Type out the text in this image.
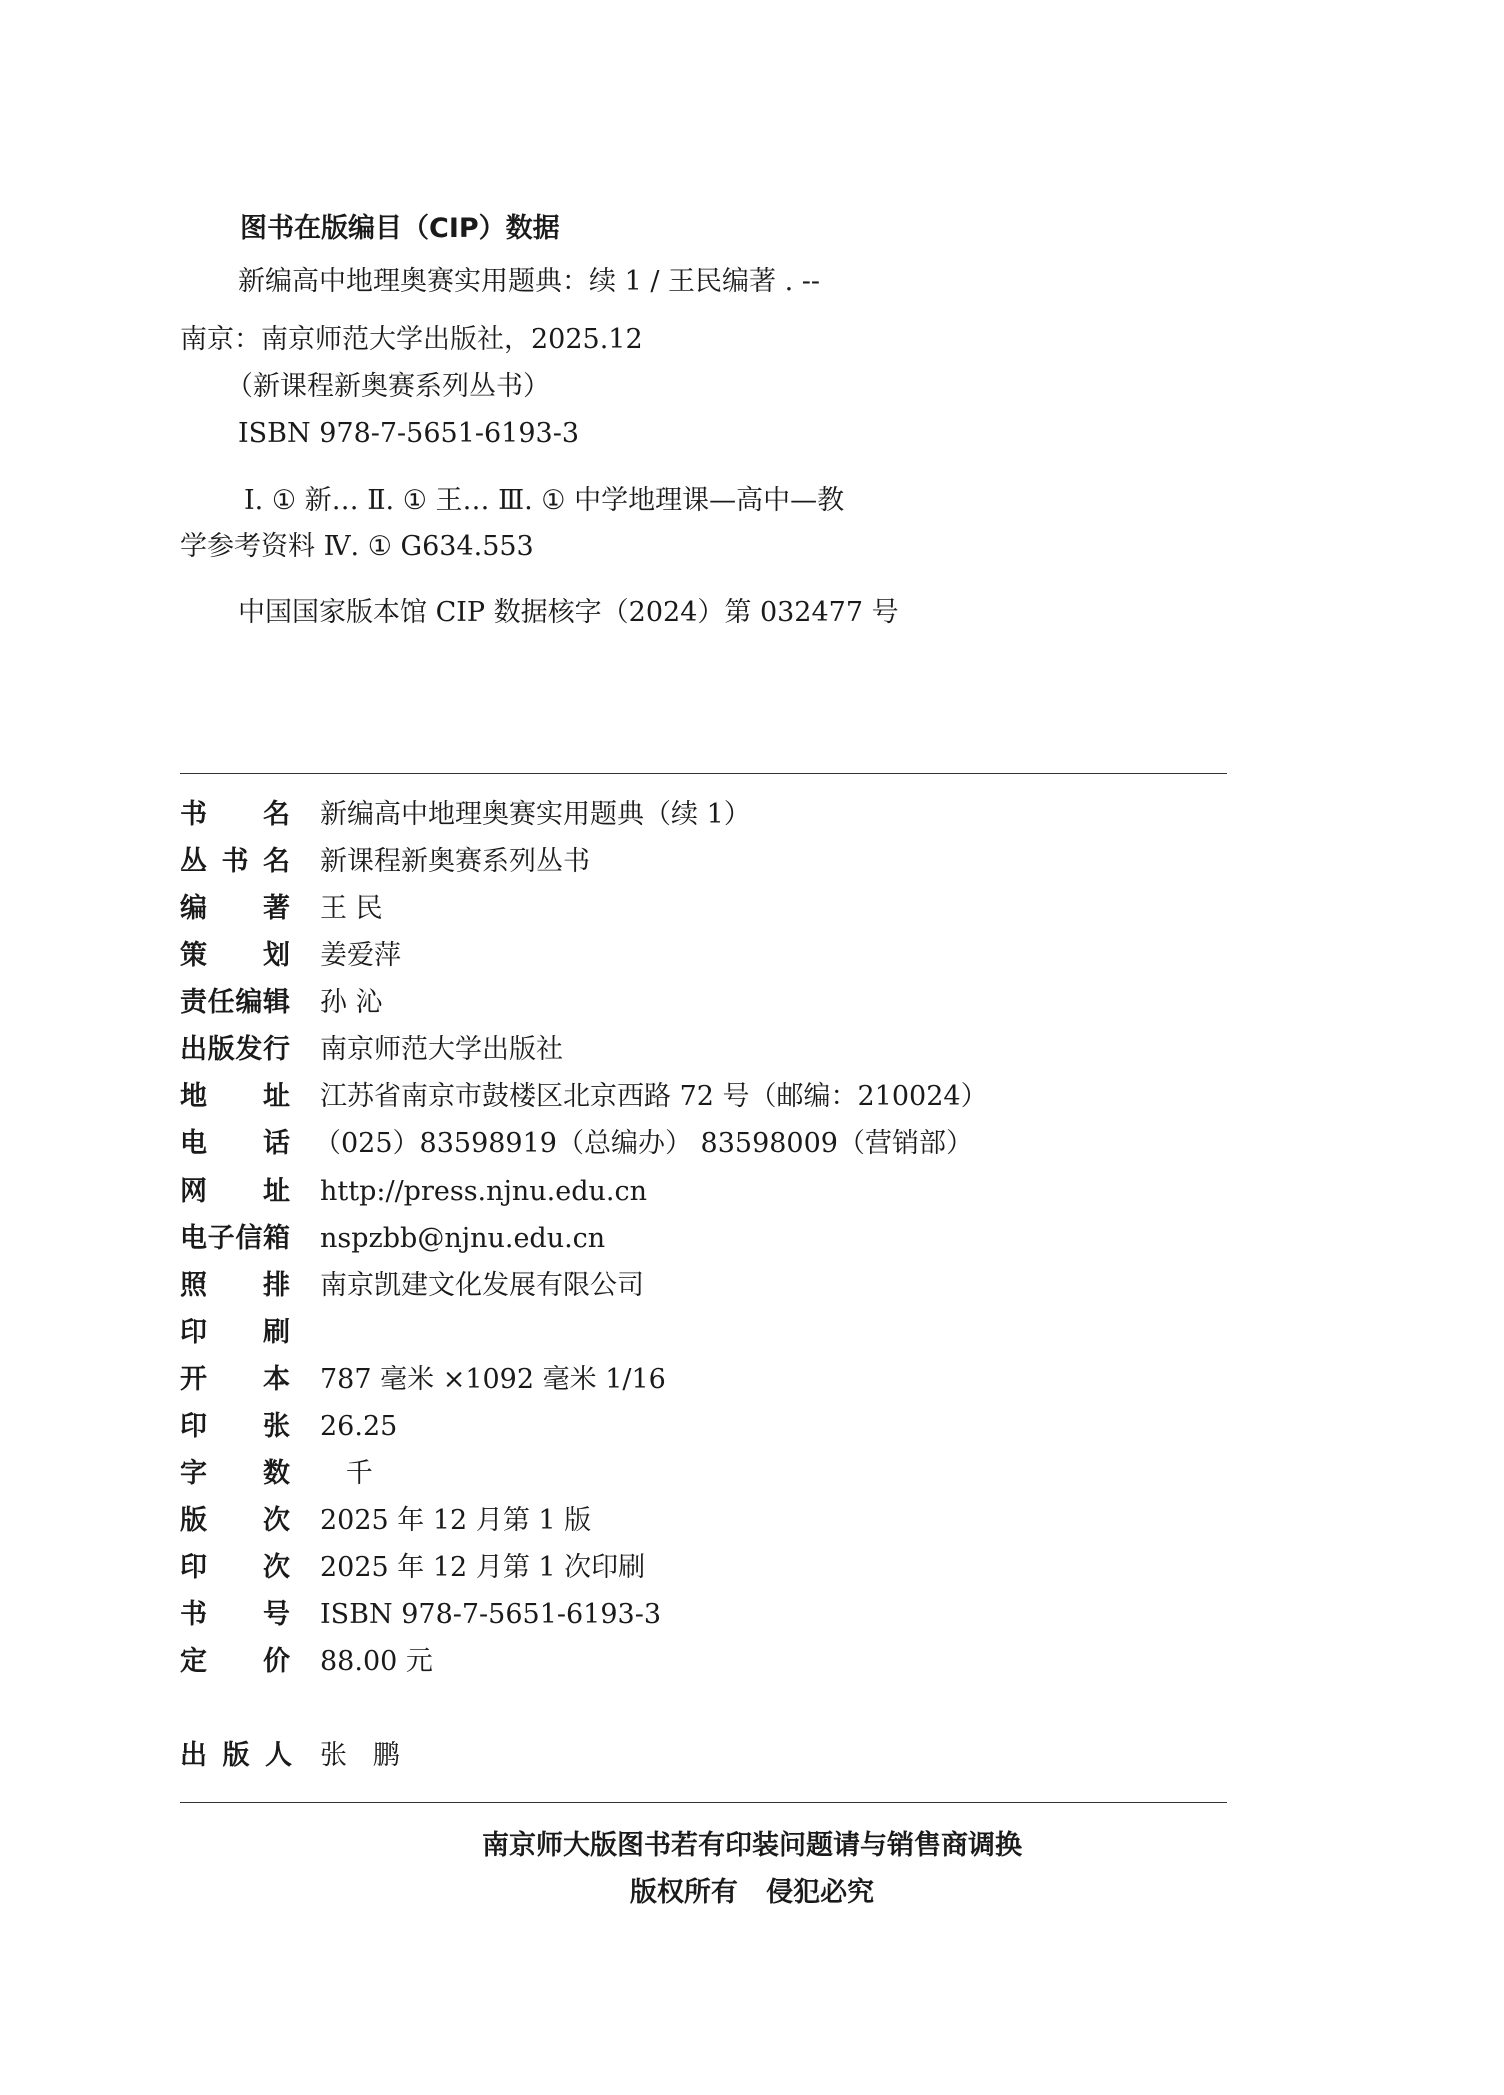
图书在版编目（CIP）数据
新编高中地理奥赛实用题典：续 1 / 王民编著 . --
南京：南京师范大学出版社，2025.12
（新课程新奥赛系列丛书）
ISBN 978-7-5651-6193-3
Ⅰ. ① 新… Ⅱ. ① 王… Ⅲ. ① 中学地理课—高中—教
学参考资料 Ⅳ. ① G634.553
中国国家版本馆 CIP 数据核字（2024）第 032477 号
书名 新编高中地理奥赛实用题典（续 1）
丛书名 新课程新奥赛系列丛书
编著 王 民
策划 姜爱萍
责任编辑 孙 沁
出版发行 南京师范大学出版社
地址 江苏省南京市鼓楼区北京西路 72 号（邮编：210024）
电话 （025）83598919（总编办） 83598009（营销部）
网址 http://press.njnu.edu.cn
电子信箱 nspzbb@njnu.edu.cn
照排 南京凯建文化发展有限公司
印刷
开本 787 毫米 ×1092 毫米 1/16
印张 26.25
字数 千
版次 2025 年 12 月第 1 版
印次 2025 年 12 月第 1 次印刷
书号 ISBN 978-7-5651-6193-3
定价 88.00 元
出版人 张   鹏
南京师大版图书若有印装问题请与销售商调换
版权所有   侵犯必究
